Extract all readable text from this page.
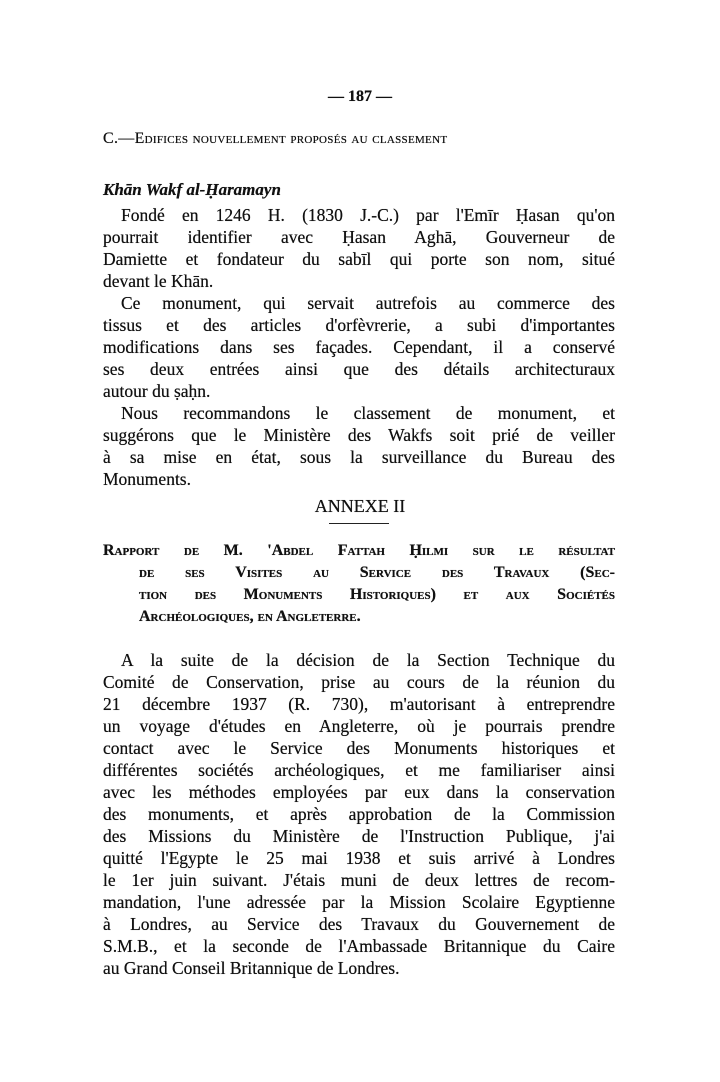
— 187 —
C.—Edifices nouvellement proposés au classement
Khān Wakf al-Ḥaramayn
Fondé en 1246 H. (1830 J.-C.) par l'Emīr Ḥasan qu'on
pourrait identifier avec Ḥasan Aghā, Gouverneur de
Damiette et fondateur du sabīl qui porte son nom, situé
devant le Khān.
Ce monument, qui servait autrefois au commerce des
tissus et des articles d'orfèvrerie, a subi d'importantes
modifications dans ses façades. Cependant, il a conservé
ses deux entrées ainsi que des détails architecturaux
autour du ṣaḥn.
Nous recommandons le classement de monument, et
suggérons que le Ministère des Wakfs soit prié de veiller
à sa mise en état, sous la surveillance du Bureau des
Monuments.
ANNEXE II
Rapport de M. 'Abdel Fattah Ḥilmi sur le résultat
de ses Visites au Service des Travaux (Sec-
tion des Monuments Historiques) et aux Sociétés
Archéologiques, en Angleterre.
A la suite de la décision de la Section Technique du
Comité de Conservation, prise au cours de la réunion du
21 décembre 1937 (R. 730), m'autorisant à entreprendre
un voyage d'études en Angleterre, où je pourrais prendre
contact avec le Service des Monuments historiques et
différentes sociétés archéologiques, et me familiariser ainsi
avec les méthodes employées par eux dans la conservation
des monuments, et après approbation de la Commission
des Missions du Ministère de l'Instruction Publique, j'ai
quitté l'Egypte le 25 mai 1938 et suis arrivé à Londres
le 1er juin suivant. J'étais muni de deux lettres de recom-
mandation, l'une adressée par la Mission Scolaire Egyptienne
à Londres, au Service des Travaux du Gouvernement de
S.M.B., et la seconde de l'Ambassade Britannique du Caire
au Grand Conseil Britannique de Londres.
